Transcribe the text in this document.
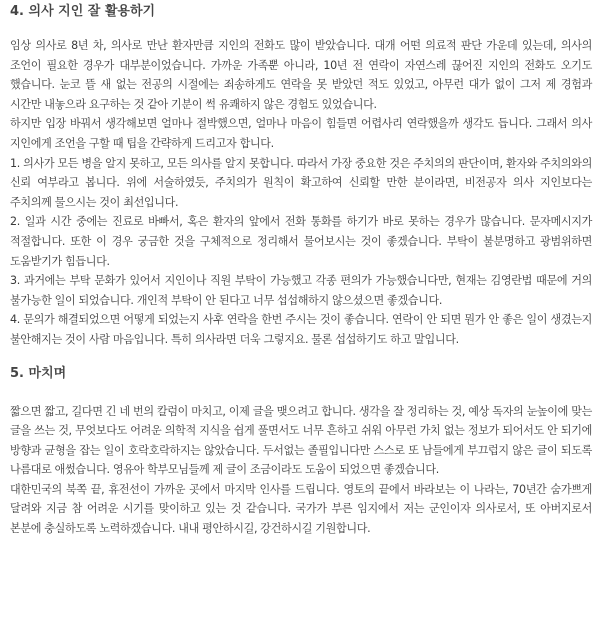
4. 의사 지인 잘 활용하기

임상 의사로 8년 차, 의사로 만난 환자만큼 지인의 전화도 많이 받았습니다. 대개 어떤 의료적 판단 가운데 있는데, 의사의 조언이 필요한 경우가 대부분이었습니다. 가까운 가족뿐 아니라, 10년 전 연락이 자연스레 끊어진 지인의 전화도 오기도 했습니다. 눈코 뜰 새 없는 전공의 시절에는 죄송하게도 연락을 못 받았던 적도 있었고, 아무런 대가 없이 그저 제 경험과 시간만 내놓으라 요구하는 것 같아 기분이 썩 유쾌하지 않은 경험도 있었습니다.

하지만 입장 바꿔서 생각해보면 얼마나 절박했으면, 얼마나 마음이 힘들면 어렵사리 연락했을까 생각도 듭니다. 그래서 의사 지인에게 조언을 구할 때 팁을 간략하게 드리고자 합니다.

1. 의사가 모든 병을 알지 못하고, 모든 의사를 알지 못합니다. 따라서 가장 중요한 것은 주치의의 판단이며, 환자와 주치의와의 신뢰 여부라고 봅니다. 위에 서술하였듯, 주치의가 원칙이 확고하여 신뢰할 만한 분이라면, 비전공자 의사 지인보다는 주치의께 물으시는 것이 최선입니다.

2. 일과 시간 중에는 진료로 바빠서, 혹은 환자의 앞에서 전화 통화를 하기가 바로 못하는 경우가 많습니다. 문자메시지가 적절합니다. 또한 이 경우 궁금한 것을 구체적으로 정리해서 물어보시는 것이 좋겠습니다. 부탁이 불분명하고 광범위하면 도움받기가 힘듭니다.

3. 과거에는 부탁 문화가 있어서 지인이나 직원 부탁이 가능했고 각종 편의가 가능했습니다만, 현재는 김영란법 때문에 거의 불가능한 일이 되었습니다. 개인적 부탁이 안 된다고 너무 섭섭해하지 않으셨으면 좋겠습니다.

4. 문의가 해결되었으면 어떻게 되었는지 사후 연락을 한번 주시는 것이 좋습니다. 연락이 안 되면 뭔가 안 좋은 일이 생겼는지 불안해지는 것이 사람 마음입니다. 특히 의사라면 더욱 그렇지요. 물론 섭섭하기도 하고 말입니다.

5. 마치며

짧으면 짧고, 길다면 긴 네 번의 칼럼이 마치고, 이제 글을 맺으려고 합니다. 생각을 잘 정리하는 것, 예상 독자의 눈높이에 맞는 글을 쓰는 것, 무엇보다도 어려운 의학적 지식을 쉽게 풀면서도 너무 흔하고 쉬워 아무런 가치 없는 정보가 되어서도 안 되기에 방향과 균형을 잡는 일이 호락호락하지는 않았습니다. 두서없는 졸필입니다만 스스로 또 남들에게 부끄럽지 않은 글이 되도록 나름대로 애썼습니다. 영유아 학부모님들께 제 글이 조금이라도 도움이 되었으면 좋겠습니다.

대한민국의 북쪽 끝, 휴전선이 가까운 곳에서 마지막 인사를 드립니다. 영토의 끝에서 바라보는 이 나라는, 70년간 숨가쁘게 달려와 지금 참 어려운 시기를 맞이하고 있는 것 같습니다. 국가가 부른 임지에서 저는 군인이자 의사로서, 또 아버지로서 본분에 충실하도록 노력하겠습니다. 내내 평안하시길, 강건하시길 기원합니다.
